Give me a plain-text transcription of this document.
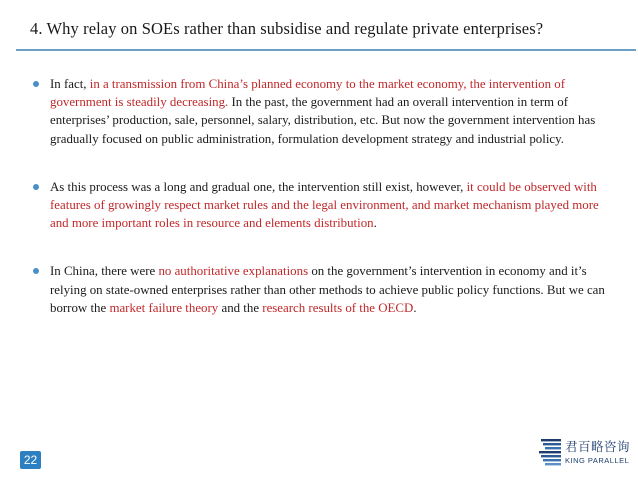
4. Why relay on SOEs rather than subsidise and regulate private enterprises?
In fact, in a transmission from China’s planned economy to the market economy, the intervention of government is steadily decreasing. In the past, the government had an overall intervention in term of enterprises’ production, sale, personnel, salary, distribution, etc. But now the government intervention has gradually focused on public administration, formulation development strategy and industrial policy.
As this process was a long and gradual one, the intervention still exist, however, it could be observed with features of growingly respect market rules and the legal environment, and market mechanism played more and more important roles in resource and elements distribution.
In China, there were no authoritative explanations on the government’s intervention in economy and it’s relying on state-owned enterprises rather than other methods to achieve public policy functions. But we can borrow the market failure theory and the research results of the OECD.
22
君百略咨询
KING PARALLEL
